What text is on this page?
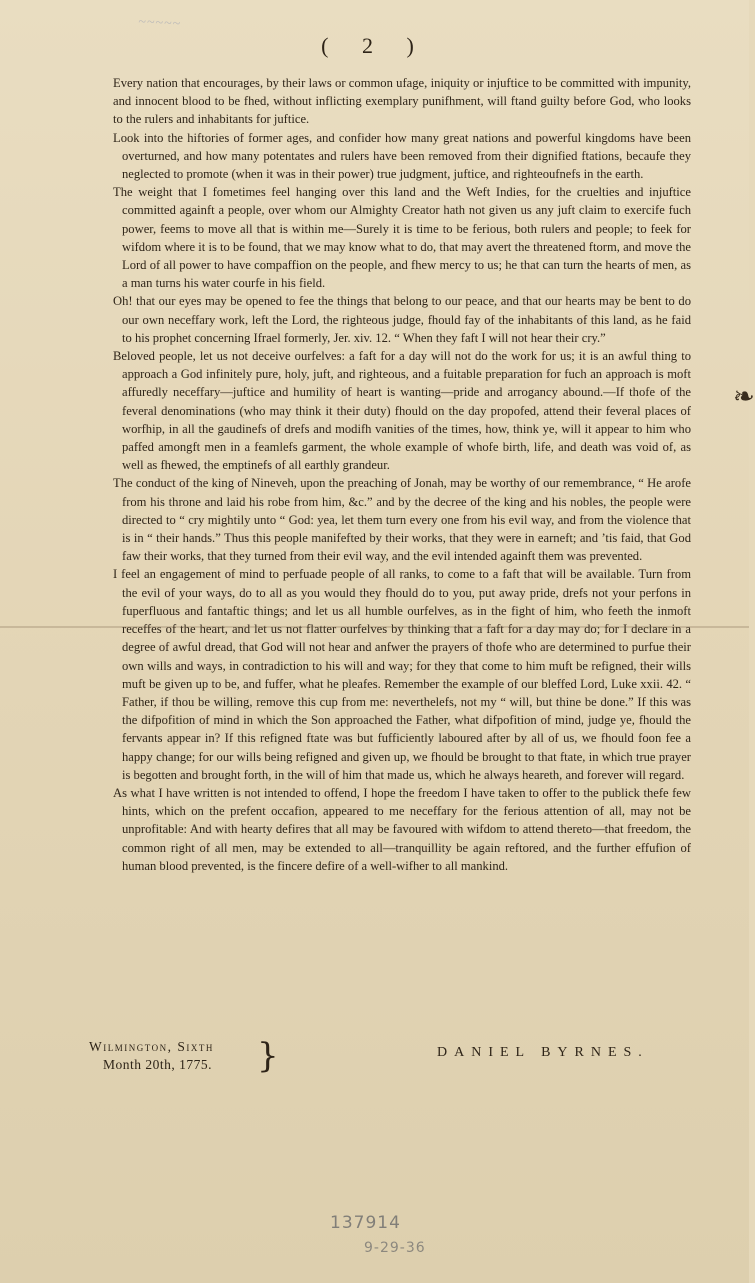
~~~~~
( 2 )

Every nation that encourages, by their laws or common ufage, iniquity or injuftice to be committed with impunity, and innocent blood to be fhed, without inflicting exemplary punifhment, will ftand guilty before God, who looks to the rulers and inhabitants for juftice.

Look into the hiftories of former ages, and confider how many great nations and powerful kingdoms have been overturned, and how many potentates and rulers have been removed from their dignified ftations, becaufe they neglected to promote (when it was in their power) true judgment, juftice, and righteoufnefs in the earth.

The weight that I fometimes feel hanging over this land and the Weft Indies, for the cruelties and injuftice committed againft a people, over whom our Almighty Creator hath not given us any juft claim to exercife fuch power, feems to move all that is within me—Surely it is time to be ferious, both rulers and people; to feek for wifdom where it is to be found, that we may know what to do, that may avert the threatened ftorm, and move the Lord of all power to have compaffion on the people, and fhew mercy to us; he that can turn the hearts of men, as a man turns his water courfe in his field.

Oh! that our eyes may be opened to fee the things that belong to our peace, and that our hearts may be bent to do our own neceffary work, left the Lord, the righteous judge, fhould fay of the inhabitants of this land, as he faid to his prophet concerning Ifrael formerly, Jer. xiv. 12. “ When they faft I will not hear their cry.”

Beloved people, let us not deceive ourfelves: a faft for a day will not do the work for us; it is an awful thing to approach a God infinitely pure, holy, juft, and righteous, and a fuitable preparation for fuch an approach is moft affuredly neceffary—juftice and humility of heart is wanting—pride and arrogancy abound.—If thofe of the feveral denominations (who may think it their duty) fhould on the day propofed, attend their feveral places of worfhip, in all the gaudinefs of drefs and modifh vanities of the times, how, think ye, will it appear to him who paffed amongft men in a feamlefs garment, the whole example of whofe birth, life, and death was void of, as well as fhewed, the emptinefs of all earthly grandeur.

The conduct of the king of Nineveh, upon the preaching of Jonah, may be worthy of our remembrance, “ He arofe from his throne and laid his robe from him, &c.” and by the decree of the king and his nobles, the people were directed to “ cry mightily unto “ God: yea, let them turn every one from his evil way, and from the violence that is in “ their hands.” Thus this people manifefted by their works, that they were in earneft; and ’tis faid, that God faw their works, that they turned from their evil way, and the evil intended againft them was prevented.

I feel an engagement of mind to perfuade people of all ranks, to come to a faft that will be available. Turn from the evil of your ways, do to all as you would they fhould do to you, put away pride, drefs not your perfons in fuperfluous and fantaftic things; and let us all humble ourfelves, as in the fight of him, who feeth the inmoft receffes of the heart, and let us not flatter ourfelves by thinking that a faft for a day may do; for I declare in a degree of awful dread, that God will not hear and anfwer the prayers of thofe who are determined to purfue their own wills and ways, in contradiction to his will and way; for they that come to him muft be refigned, their wills muft be given up to be, and fuffer, what he pleafes. Remember the example of our bleffed Lord, Luke xxii. 42. “ Father, if thou be willing, remove this cup from me: neverthelefs, not my “ will, but thine be done.” If this was the difpofition of mind in which the Son approached the Father, what difpofition of mind, judge ye, fhould the fervants appear in? If this refigned ftate was but fufficiently laboured after by all of us, we fhould foon fee a happy change; for our wills being refigned and given up, we fhould be brought to that ftate, in which true prayer is begotten and brought forth, in the will of him that made us, which he always heareth, and forever will regard.

As what I have written is not intended to offend, I hope the freedom I have taken to offer to the publick thefe few hints, which on the prefent occafion, appeared to me neceffary for the ferious attention of all, may not be unprofitable: And with hearty defires that all may be favoured with wifdom to attend thereto—that freedom, the common right of all men, may be extended to all—tranquillity be again reftored, and the further effufion of human blood prevented, is the fincere defire of a well-wifher to all mankind.

❧
Wilmington, Sixth
Month 20th, 1775. }	DANIEL BYRNES.
137914
9-29-36
